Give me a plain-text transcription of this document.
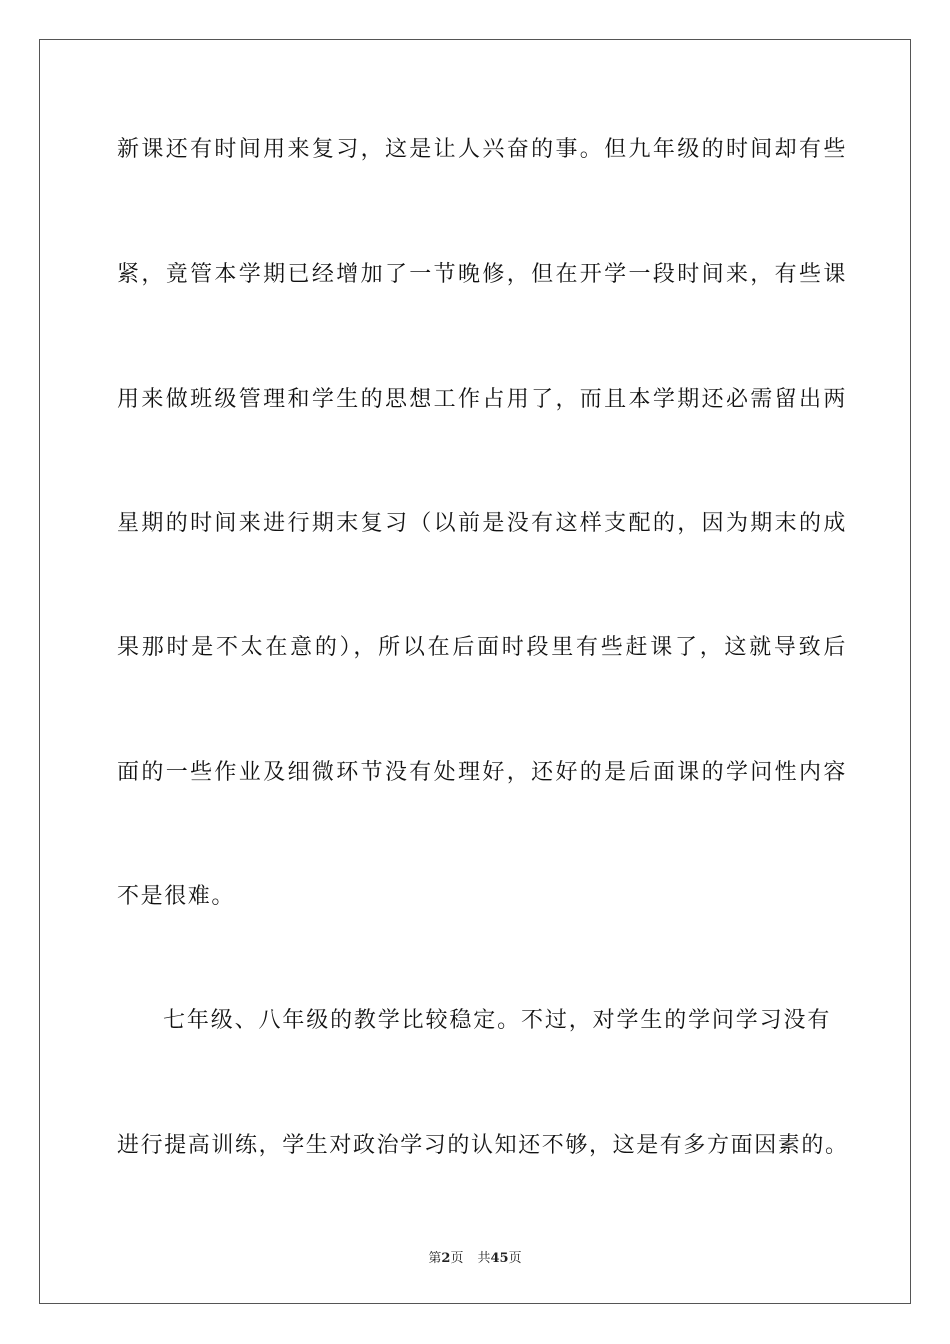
新课还有时间用来复习，这是让人兴奋的事。但九年级的时间却有些
紧，竟管本学期已经增加了一节晚修，但在开学一段时间来，有些课
用来做班级管理和学生的思想工作占用了，而且本学期还必需留出两
星期的时间来进行期末复习（以前是没有这样支配的，因为期末的成
果那时是不太在意的），所以在后面时段里有些赶课了，这就导致后
面的一些作业及细微环节没有处理好，还好的是后面课的学问性内容
不是很难。
七年级、八年级的教学比较稳定。不过，对学生的学问学习没有
进行提高训练，学生对政治学习的认知还不够，这是有多方面因素的。
第2页 共45页
